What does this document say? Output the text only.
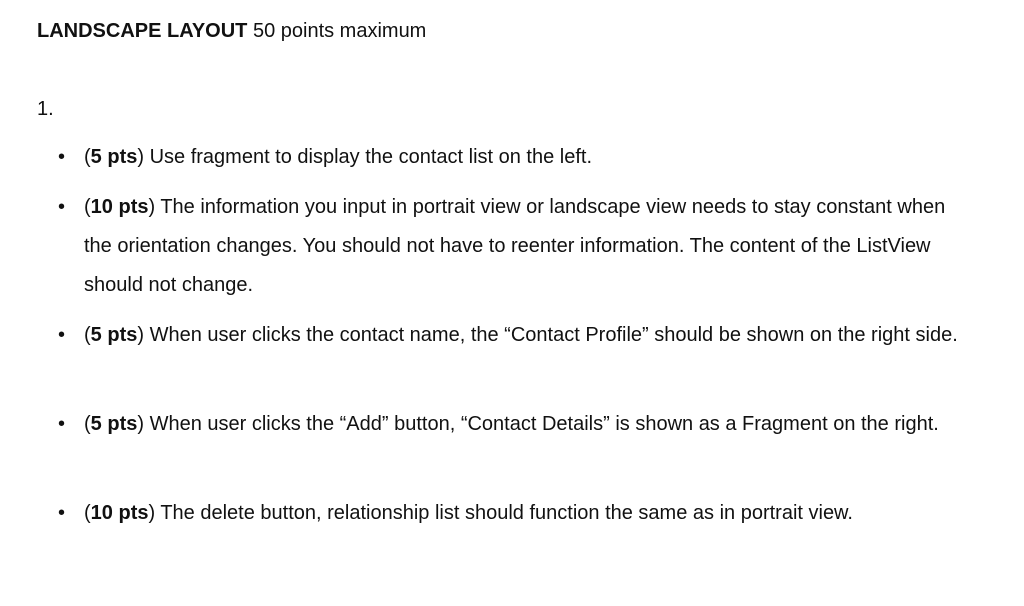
LANDSCAPE LAYOUT 50 points maximum
1.
• (5 pts) Use fragment to display the contact list on the left.
• (10 pts) The information you input in portrait view or landscape view needs to stay constant when the orientation changes. You should not have to reenter information. The content of the ListView should not change.
• (5 pts) When user clicks the contact name, the “Contact Profile” should be shown on the right side.
• (5 pts) When user clicks the “Add” button, “Contact Details” is shown as a Fragment on the right.
• (10 pts) The delete button, relationship list should function the same as in portrait view.
